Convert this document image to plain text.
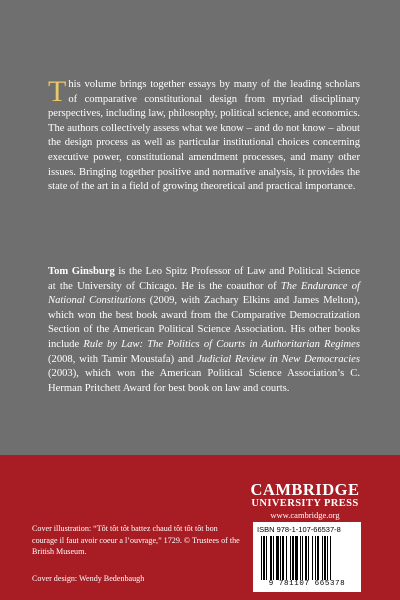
This volume brings together essays by many of the leading scholars of comparative constitutional design from myriad disciplinary perspectives, including law, philosophy, political science, and economics. The authors collectively assess what we know – and do not know – about the design process as well as particular institutional choices concerning executive power, constitutional amendment processes, and many other issues. Bringing together positive and normative analysis, it provides the state of the art in a field of growing theoretical and practical importance.

Tom Ginsburg is the Leo Spitz Professor of Law and Political Science at the University of Chicago. He is the coauthor of The Endurance of National Constitutions (2009, with Zachary Elkins and James Melton), which won the best book award from the Comparative Democratization Section of the American Political Science Association. His other books include Rule by Law: The Politics of Courts in Authoritarian Regimes (2008, with Tamir Moustafa) and Judicial Review in New Democracies (2003), which won the American Political Science Association’s C. Herman Pritchett Award for best book on law and courts.

CAMBRIDGE
UNIVERSITY PRESS
www.cambridge.org
Cover illustration: “Tôt tôt tôt battez chaud tôt tôt tôt bon courage il faut avoir coeur a l’ouvrage,” 1729. © Trustees of the British Museum.
Cover design: Wendy Bedenbaugh
ISBN 978-1-107-66537-8
9 781107 665378
